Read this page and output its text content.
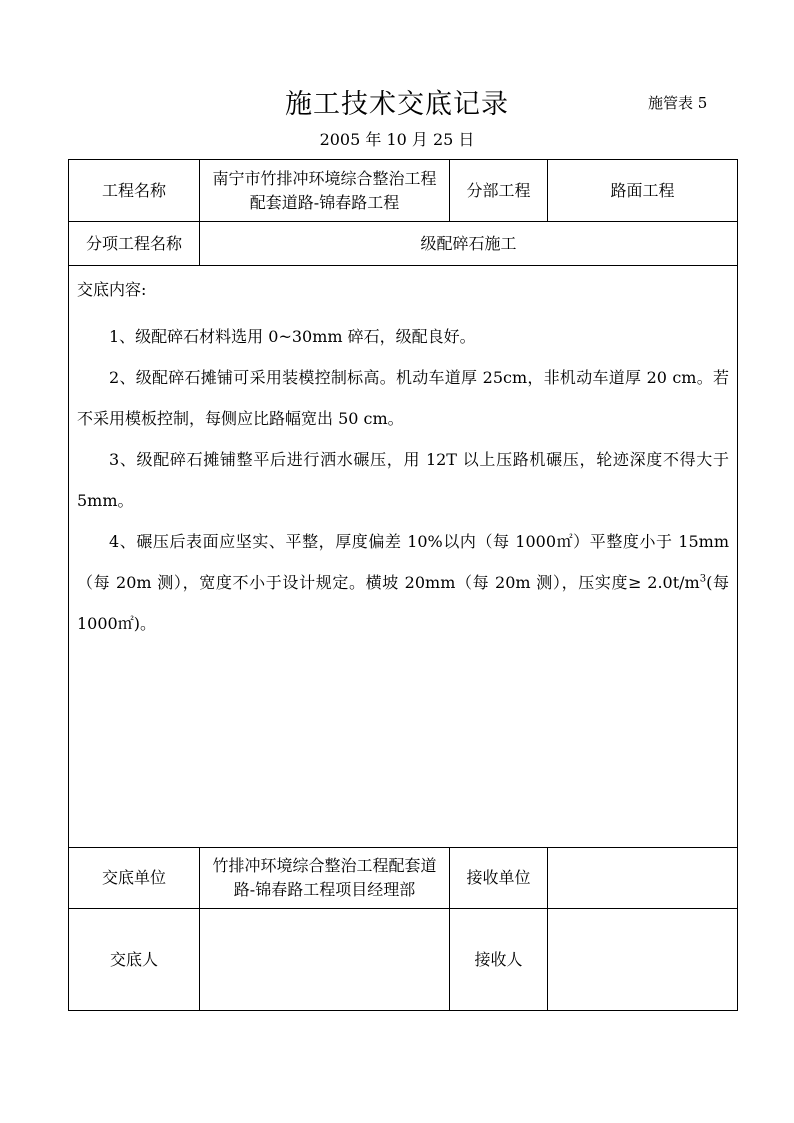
施工技术交底记录	施管表 5
2005 年 10 月 25 日
工程名称	南宁市竹排冲环境综合整治工程配套道路-锦春路工程	分部工程	路面工程
分项工程名称	级配碎石施工		

交底内容:

1、级配碎石材料选用 0~30mm 碎石，级配良好。

2、级配碎石摊铺可采用装模控制标高。机动车道厚 25cm，非机动车道厚 20 cm。若不采用模板控制，每侧应比路幅宽出 50 cm。

3、级配碎石摊铺整平后进行洒水碾压，用 12T 以上压路机碾压，轮迹深度不得大于 5mm。

4、碾压后表面应坚实、平整，厚度偏差 10%以内（每 1000㎡）平整度小于 15mm（每 20m 测），宽度不小于设计规定。横坡 20mm（每 20m 测），压实度≥ $2.0t/m^3$(每 1000㎡)。			

交底单位	竹排冲环境综合整治工程配套道路-锦春路工程项目经理部	接收单位	
交底人		接收人	
